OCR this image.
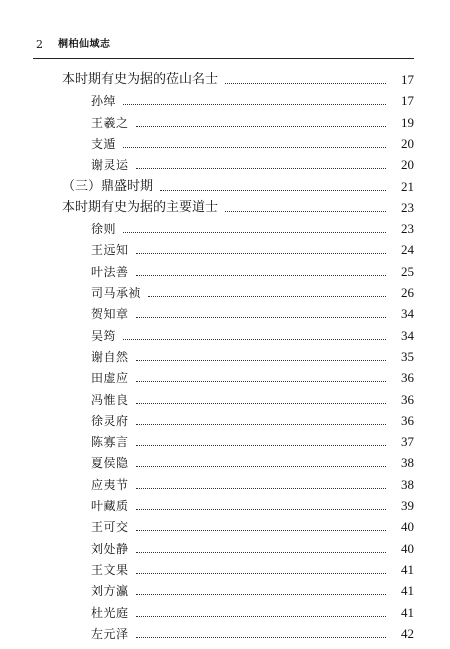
2 桐柏仙域志
本时期有史为据的莅山名士	17
孙绰	17
王羲之	19
支遁	20
谢灵运	20
（三）鼎盛时期	21
本时期有史为据的主要道士	23
徐则	23
王远知	24
叶法善	25
司马承祯	26
贺知章	34
吴筠	34
谢自然	35
田虚应	36
冯惟良	36
徐灵府	36
陈寡言	37
夏侯隐	38
应夷节	38
叶藏质	39
王可交	40
刘处静	40
王文果	41
刘方瀛	41
杜光庭	41
左元泽	42
